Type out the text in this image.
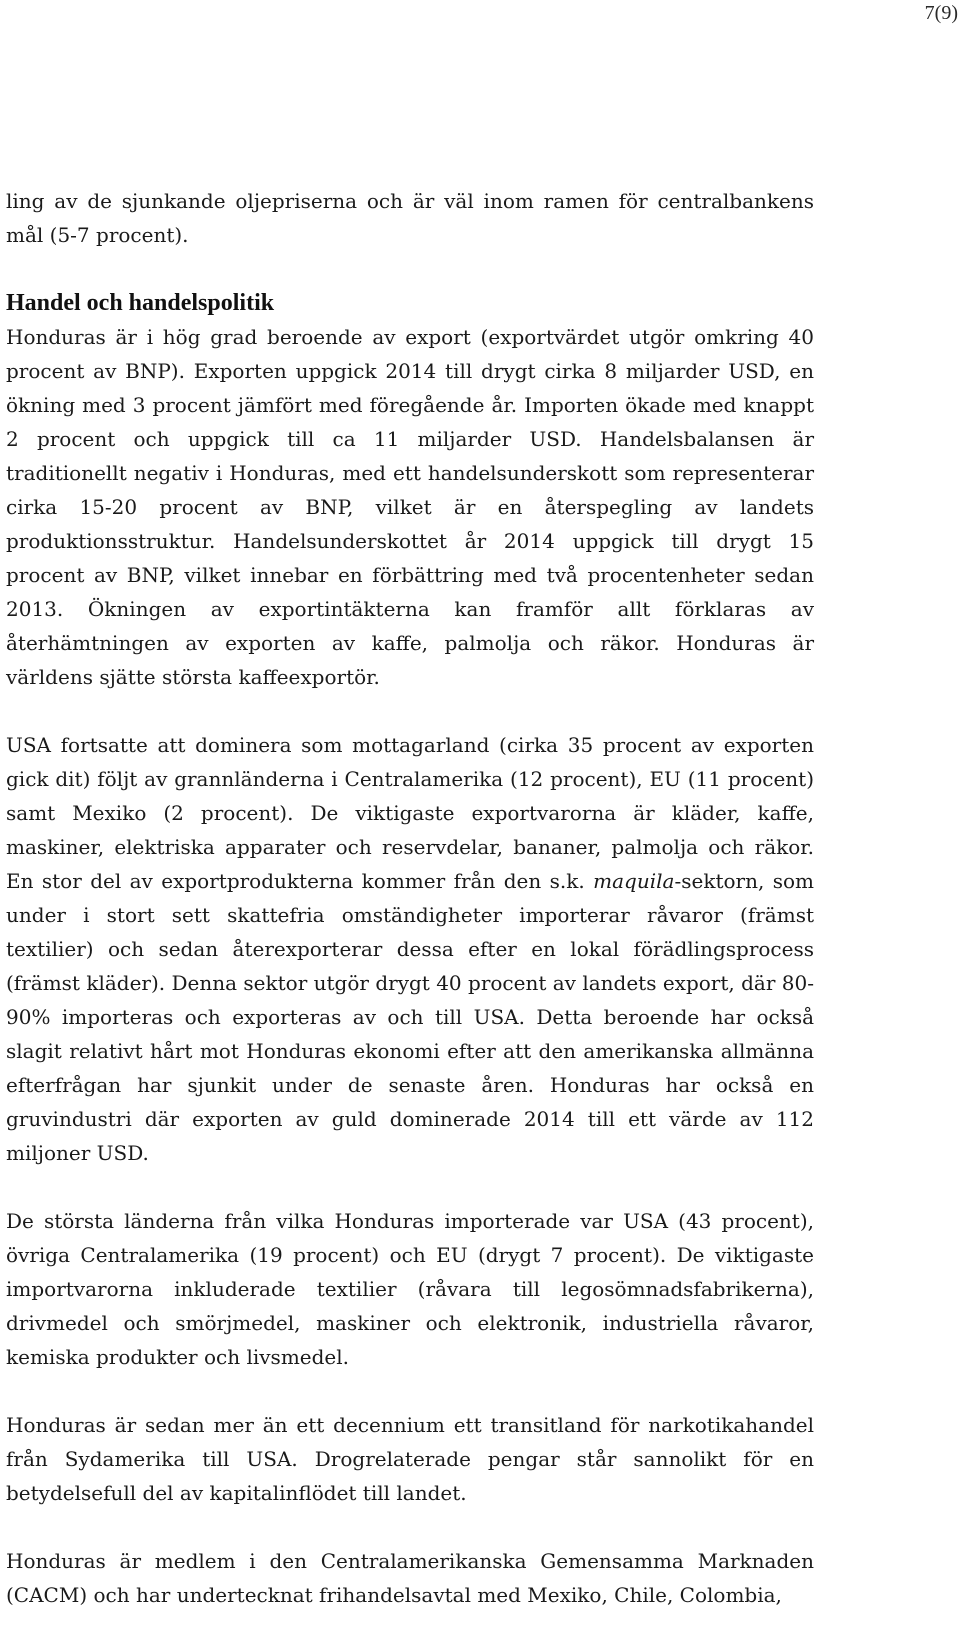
7(9)

ling av de sjunkande oljepriserna och är väl inom ramen för centralbankens mål (5-7 procent).

Handel och handelspolitik

Honduras är i hög grad beroende av export (exportvärdet utgör omkring 40 procent av BNP). Exporten uppgick 2014 till drygt cirka 8 miljarder USD, en ökning med 3 procent jämfört med föregående år. Importen ökade med knappt 2 procent och uppgick till ca 11 miljarder USD. Handelsbalansen är traditionellt negativ i Honduras, med ett handelsunderskott som representerar cirka 15-20 procent av BNP, vilket är en återspegling av landets produktionsstruktur. Handelsunderskottet år 2014 uppgick till drygt 15 procent av BNP, vilket innebar en förbättring med två procentenheter sedan 2013. Ökningen av exportintäkterna kan framför allt förklaras av återhämtningen av exporten av kaffe, palmolja och räkor. Honduras är världens sjätte största kaffeexportör.

USA fortsatte att dominera som mottagarland (cirka 35 procent av exporten gick dit) följt av grannländerna i Centralamerika (12 procent), EU (11 procent) samt Mexiko (2 procent). De viktigaste exportvarorna är kläder, kaffe, maskiner, elektriska apparater och reservdelar, bananer, palmolja och räkor. En stor del av exportprodukterna kommer från den s.k. maquila-sektorn, som under i stort sett skattefria omständigheter importerar råvaror (främst textilier) och sedan återexporterar dessa efter en lokal förädlingsprocess (främst kläder). Denna sektor utgör drygt 40 procent av landets export, där 80-90% importeras och exporteras av och till USA. Detta beroende har också slagit relativt hårt mot Honduras ekonomi efter att den amerikanska allmänna efterfrågan har sjunkit under de senaste åren. Honduras har också en gruvindustri där exporten av guld dominerade 2014 till ett värde av 112 miljoner USD.

De största länderna från vilka Honduras importerade var USA (43 procent), övriga Centralamerika (19 procent) och EU (drygt 7 procent). De viktigaste importvarorna inkluderade textilier (råvara till legosömnadsfabrikerna), drivmedel och smörjmedel, maskiner och elektronik, industriella råvaror, kemiska produkter och livsmedel.

Honduras är sedan mer än ett decennium ett transitland för narkotikahandel från Sydamerika till USA. Drogrelaterade pengar står sannolikt för en betydelsefull del av kapitalinflödet till landet.

Honduras är medlem i den Centralamerikanska Gemensamma Marknaden (CACM) och har undertecknat frihandelsavtal med Mexiko, Chile, Colombia,
